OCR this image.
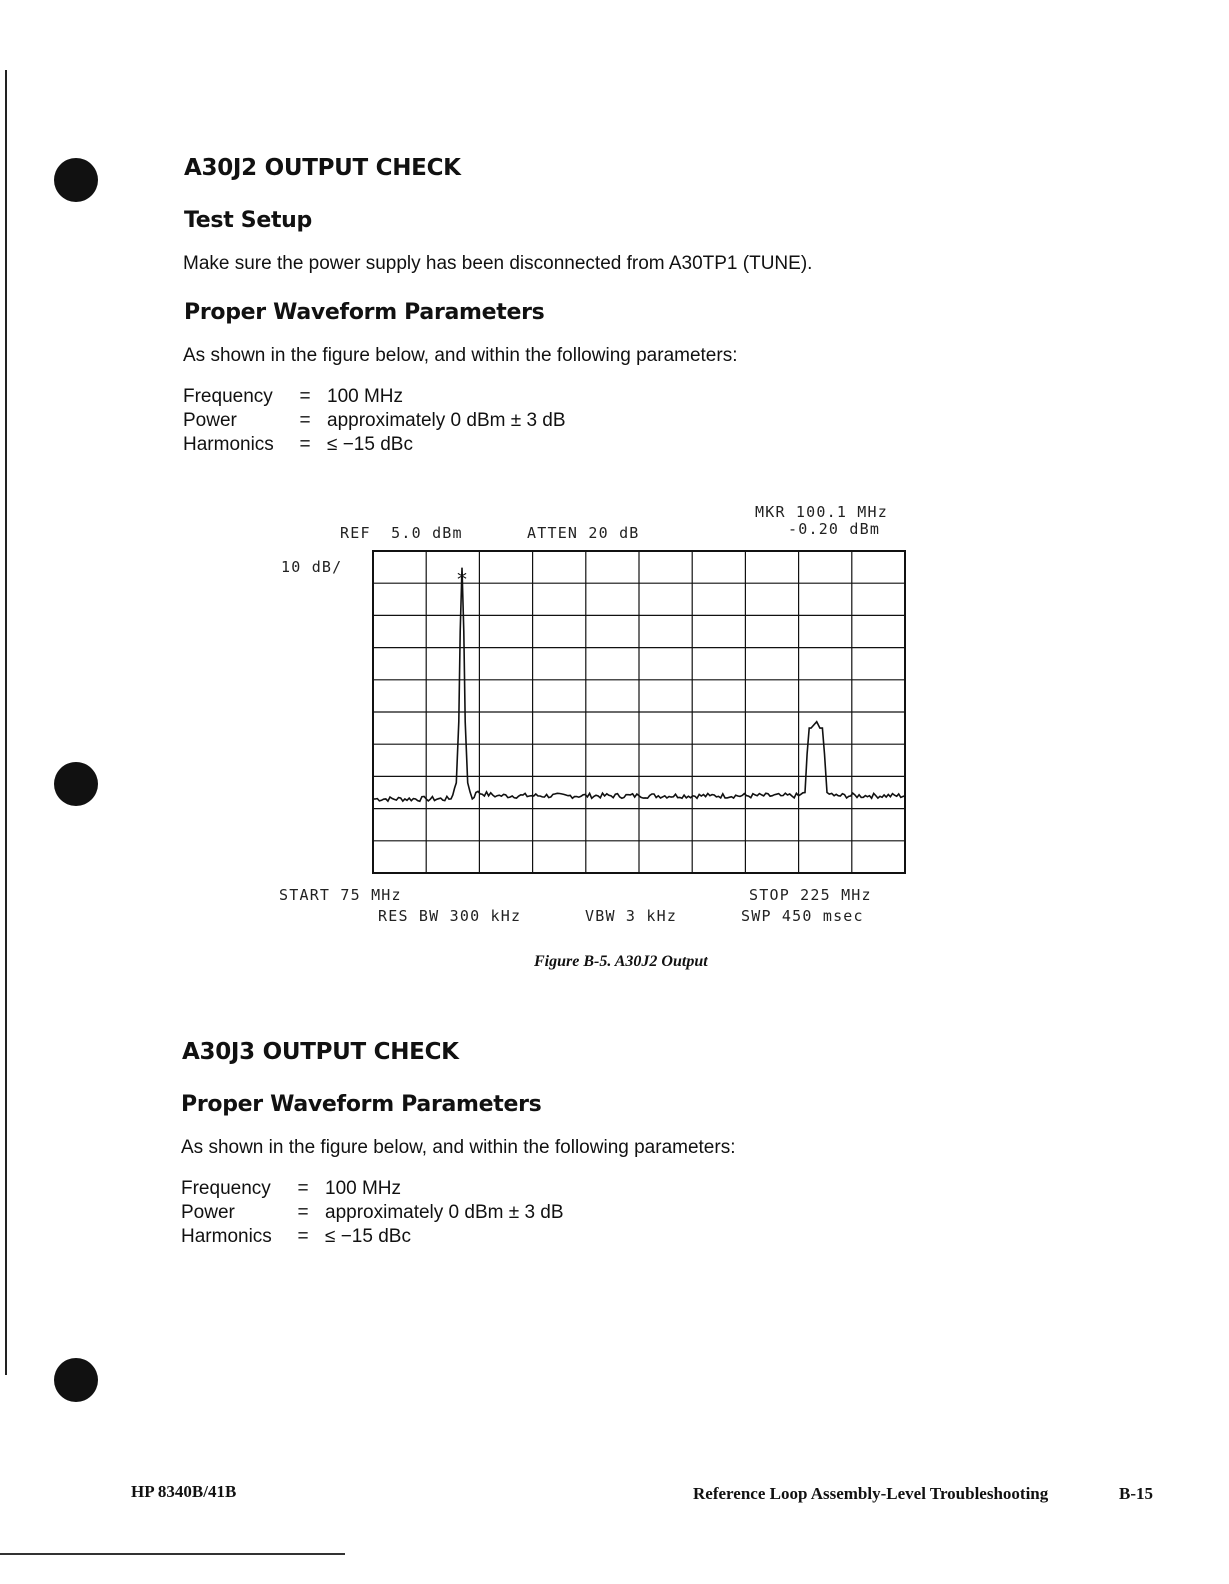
A30J2 OUTPUT CHECK
Test Setup

Make sure the power supply has been disconnected from A30TP1 (TUNE).

Proper Waveform Parameters

As shown in the figure below, and within the following parameters:

Frequency	= 100 MHz
Power	= approximately 0 dBm ± 3 dB
Harmonics	= ≤ −15 dBc
REF  5.0 dBm	ATTEN 20 dB
MKR 100.1 MHz
-0.20 dBm
10 dB/
*
START 75 MHz	STOP 225 MHz
RES BW 300 kHz	VBW 3 kHz	SWP 450 msec
Figure B-5. A30J2 Output
A30J3 OUTPUT CHECK
Proper Waveform Parameters

As shown in the figure below, and within the following parameters:

Frequency	= 100 MHz
Power	= approximately 0 dBm ± 3 dB
Harmonics	= ≤ −15 dBc
HP 8340B/41B	Reference Loop Assembly-Level Troubleshooting	B-15
